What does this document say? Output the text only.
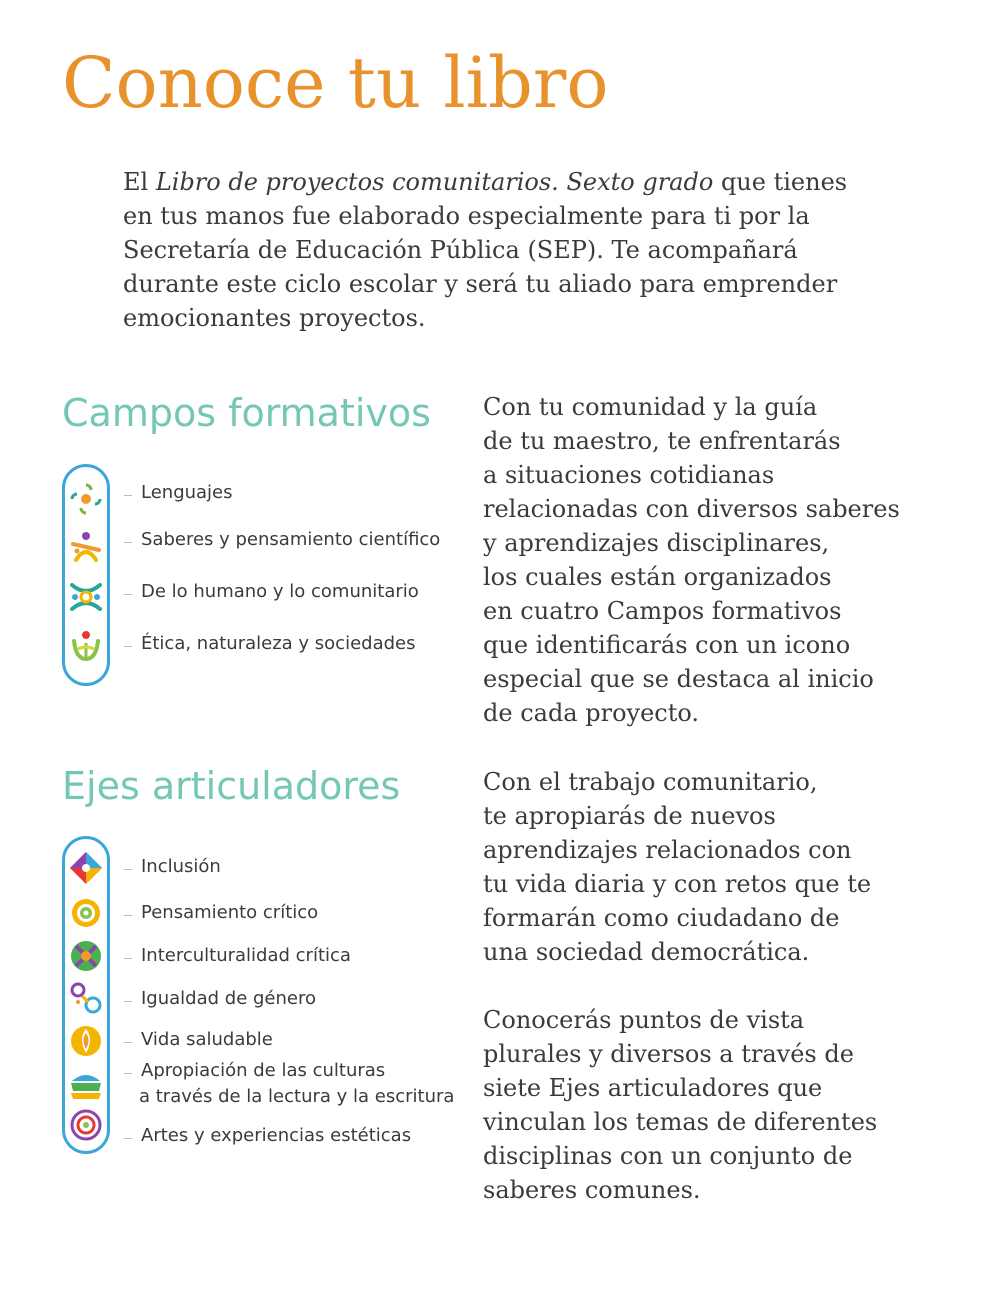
Conoce tu libro

El Libro de proyectos comunitarios. Sexto grado que tienes

en tus manos fue elaborado especialmente para ti por la

Secretaría de Educación Pública (SEP). Te acompañará

durante este ciclo escolar y será tu aliado para emprender

emocionantes proyectos.

Campos formativos
Lenguajes
Saberes y pensamiento científico
De lo humano y lo comunitario
Ética, naturaleza y sociedades

Con tu comunidad y la guía

de tu maestro, te enfrentarás

a situaciones cotidianas

relacionadas con diversos saberes

y aprendizajes disciplinares,

los cuales están organizados

en cuatro Campos formativos

que identificarás con un icono

especial que se destaca al inicio

de cada proyecto.

Ejes articuladores
Inclusión
Pensamiento crítico
Interculturalidad crítica
Igualdad de género
Vida saludable
Apropiación de las culturas
a través de la lectura y la escritura
Artes y experiencias estéticas

Con el trabajo comunitario,

te apropiarás de nuevos

aprendizajes relacionados con

tu vida diaria y con retos que te

formarán como ciudadano de

una sociedad democrática.

Conocerás puntos de vista

plurales y diversos a través de

siete Ejes articuladores que

vinculan los temas de diferentes

disciplinas con un conjunto de

saberes comunes.
